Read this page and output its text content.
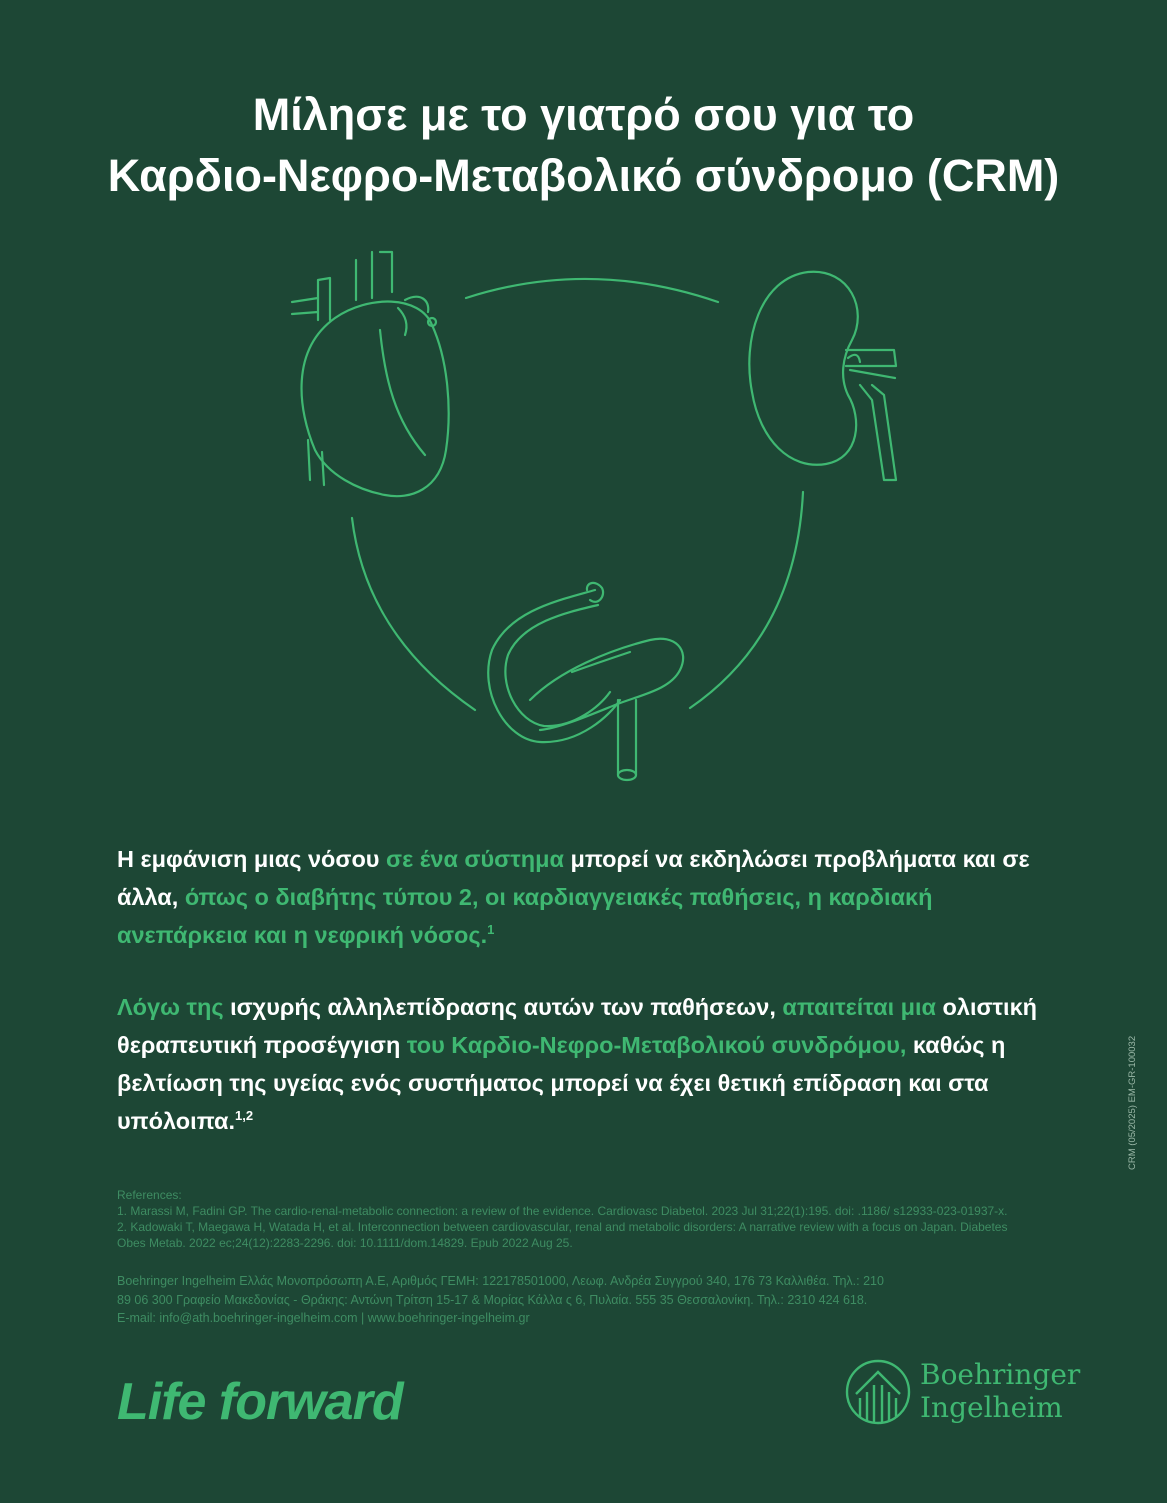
Μίλησε με το γιατρό σου για το
Καρδιο-Νεφρο-Μεταβολικό σύνδρομο (CRM)

Η εμφάνιση μιας νόσου σε ένα σύστημα μπορεί να εκδηλώσει προβλήματα και σε άλλα, όπως ο διαβήτης τύπου 2, οι καρδιαγγειακές παθήσεις, η καρδιακή ανεπάρκεια και η νεφρική νόσος.$^1$

Λόγω της ισχυρής αλληλεπίδρασης αυτών των παθήσεων, απαιτείται μια ολιστική θεραπευτική προσέγγιση του Καρδιο-Νεφρο-Μεταβολικού συνδρόμου, καθώς η βελτίωση της υγείας ενός συστήματος μπορεί να έχει θετική επίδραση και στα υπόλοιπα.$^{1,2}$

References:
1. Marassi M, Fadini GP. The cardio-renal-metabolic connection: a review of the evidence. Cardiovasc Diabetol. 2023 Jul 31;22(1):195. doi: .1186/ s12933-023-01937-x. 2. Kadowaki T, Maegawa H, Watada H, et al. Interconnection between cardiovascular, renal and metabolic disorders: A narrative review with a focus on Japan. Diabetes Obes Metab. 2022 ec;24(12):2283-2296. doi: 10.1111/dom.14829. Epub 2022 Aug 25.
Boehringer Ingelheim Ελλάς Μονοπρόσωπη Α.Ε, Αριθμός ΓΕΜΗ: 122178501000, Λεωφ. Ανδρέα Συγγρού 340, 176 73 Καλλιθέα. Τηλ.: 210
89 06 300 Γραφείο Μακεδονίας - Θράκης: Αντώνη Τρίτση 15-17 & Μορίας Κάλλα ς 6, Πυλαία. 555 35 Θεσσαλονίκη. Τηλ.: 2310 424 618.
E-mail: info@ath.boehringer-ingelheim.com | www.boehringer-ingelheim.gr
Life forward	Boehringer
Ingelheim
CRM (05/2025) EM-GR-100032
